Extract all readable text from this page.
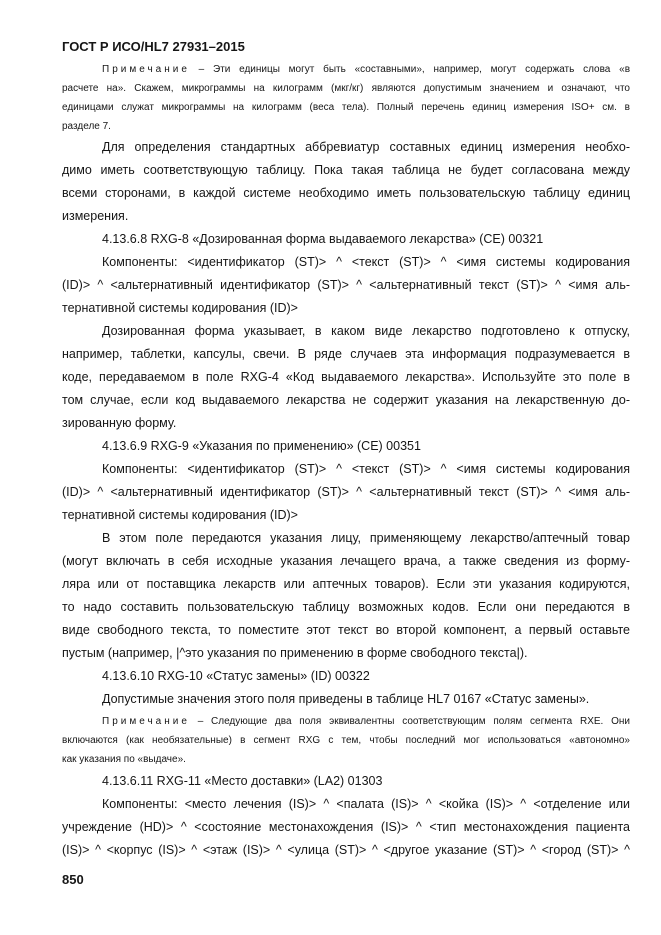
ГОСТ Р ИСО/HL7 27931–2015
Примечание – Эти единицы могут быть «составными», например, могут содержать слова «в
расчете на». Скажем, микрограммы на килограмм (мкг/кг) являются допустимым значением и означают, что
единицами служат микрограммы на килограмм (веса тела). Полный перечень единиц измерения ISO+ см. в
разделе 7.
Для определения стандартных аббревиатур составных единиц измерения необхо-
димо иметь соответствующую таблицу. Пока такая таблица не будет согласована между
всеми сторонами, в каждой системе необходимо иметь пользовательскую таблицу единиц
измерения.
4.13.6.8 RXG-8 «Дозированная форма выдаваемого лекарства» (CE) 00321
Компоненты: <идентификатор (ST)> ^ <текст (ST)> ^ <имя системы кодирования
(ID)> ^ <альтернативный идентификатор (ST)> ^ <альтернативный текст (ST)> ^ <имя аль-
тернативной системы кодирования (ID)>
Дозированная форма указывает, в каком виде лекарство подготовлено к отпуску,
например, таблетки, капсулы, свечи. В ряде случаев эта информация подразумевается в
коде, передаваемом в поле RXG-4 «Код выдаваемого лекарства». Используйте это поле в
том случае, если код выдаваемого лекарства не содержит указания на лекарственную до-
зированную форму.
4.13.6.9 RXG-9 «Указания по применению» (CE) 00351
Компоненты: <идентификатор (ST)> ^ <текст (ST)> ^ <имя системы кодирования
(ID)> ^ <альтернативный идентификатор (ST)> ^ <альтернативный текст (ST)> ^ <имя аль-
тернативной системы кодирования (ID)>
В этом поле передаются указания лицу, применяющему лекарство/аптечный товар
(могут включать в себя исходные указания лечащего врача, а также сведения из форму-
ляра или от поставщика лекарств или аптечных товаров). Если эти указания кодируются,
то надо составить пользовательскую таблицу возможных кодов. Если они передаются в
виде свободного текста, то поместите этот текст во второй компонент, а первый оставьте
пустым (например, |^это указания по применению в форме свободного текста|).
4.13.6.10 RXG-10 «Статус замены» (ID) 00322
Допустимые значения этого поля приведены в таблице HL7 0167 «Статус замены».
Примечание – Следующие два поля эквивалентны соответствующим полям сегмента RXE. Они
включаются (как необязательные) в сегмент RXG с тем, чтобы последний мог использоваться «автономно»
как указания по «выдаче».
4.13.6.11 RXG-11 «Место доставки» (LA2) 01303
Компоненты: <место лечения (IS)> ^ <палата (IS)> ^ <койка (IS)> ^ <отделение или
учреждение (HD)> ^ <состояние местонахождения (IS)> ^ <тип местонахождения пациента
(IS)> ^ <корпус (IS)> ^ <этаж (IS)> ^ <улица (ST)> ^ <другое указание (ST)> ^ <город (ST)> ^
850
